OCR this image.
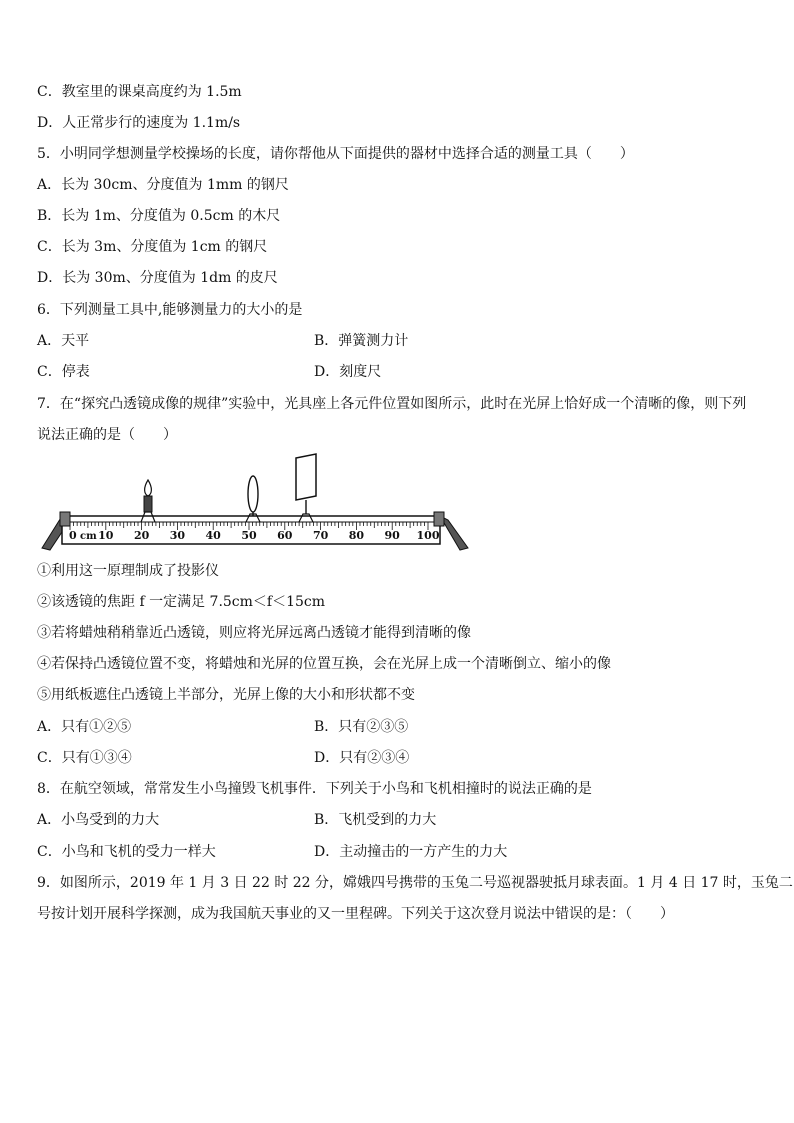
C．教室里的课桌高度约为 1.5m
D．人正常步行的速度为 1.1m/s
5．小明同学想测量学校操场的长度，请你帮他从下面提供的器材中选择合适的测量工具（　　）
A．长为 30cm、分度值为 1mm 的钢尺
B．长为 1m、分度值为 0.5cm 的木尺
C．长为 3m、分度值为 1cm 的钢尺
D．长为 30m、分度值为 1dm 的皮尺
6．下列测量工具中,能够测量力的大小的是
A．天平	B．弹簧测力计
C．停表	D．刻度尺
7．在“探究凸透镜成像的规律”实验中，光具座上各元件位置如图所示，此时在光屏上恰好成一个清晰的像，则下列
说法正确的是（　　）
0 10 20 30 40 50 60 70 80 90 100
cm
①利用这一原理制成了投影仪
②该透镜的焦距 f 一定满足 7.5cm＜f＜15cm
③若将蜡烛稍稍靠近凸透镜，则应将光屏远离凸透镜才能得到清晰的像
④若保持凸透镜位置不变，将蜡烛和光屏的位置互换，会在光屏上成一个清晰倒立、缩小的像
⑤用纸板遮住凸透镜上半部分，光屏上像的大小和形状都不变
A．只有①②⑤	B．只有②③⑤
C．只有①③④	D．只有②③④
8．在航空领域，常常发生小鸟撞毁飞机事件．下列关于小鸟和飞机相撞时的说法正确的是
A．小鸟受到的力大	B．飞机受到的力大
C．小鸟和飞机的受力一样大	D．主动撞击的一方产生的力大
9．如图所示，2019 年 1 月 3 日 22 时 22 分，嫦娥四号携带的玉兔二号巡视器驶抵月球表面。1 月 4 日 17 时，玉兔二
号按计划开展科学探测，成为我国航天事业的又一里程碑。下列关于这次登月说法中错误的是：（　　）
